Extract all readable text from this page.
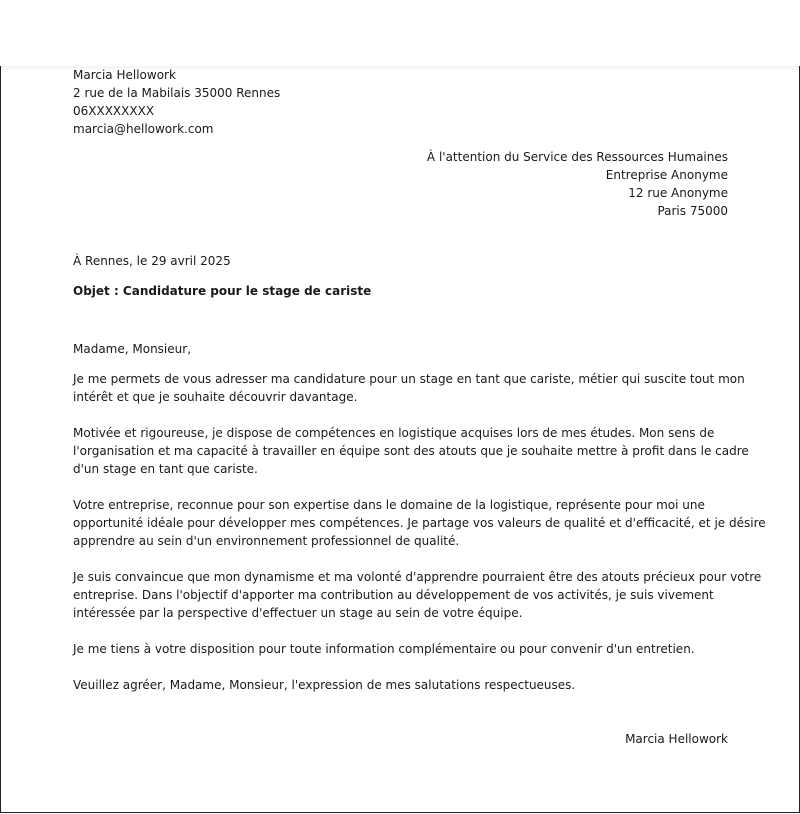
Marcia Hellowork
2 rue de la Mabilais 35000 Rennes
06XXXXXXXX
marcia@hellowork.com
À l'attention du Service des Ressources Humaines
Entreprise Anonyme
12 rue Anonyme
Paris 75000
À Rennes, le 29 avril 2025
Objet : Candidature pour le stage de cariste
Madame, Monsieur,
Je me permets de vous adresser ma candidature pour un stage en tant que cariste, métier qui suscite tout mon
intérêt et que je souhaite découvrir davantage.
Motivée et rigoureuse, je dispose de compétences en logistique acquises lors de mes études. Mon sens de
l'organisation et ma capacité à travailler en équipe sont des atouts que je souhaite mettre à profit dans le cadre
d'un stage en tant que cariste.
Votre entreprise, reconnue pour son expertise dans le domaine de la logistique, représente pour moi une
opportunité idéale pour développer mes compétences. Je partage vos valeurs de qualité et d'efficacité, et je désire
apprendre au sein d'un environnement professionnel de qualité.
Je suis convaincue que mon dynamisme et ma volonté d'apprendre pourraient être des atouts précieux pour votre
entreprise. Dans l'objectif d'apporter ma contribution au développement de vos activités, je suis vivement
intéressée par la perspective d'effectuer un stage au sein de votre équipe.
Je me tiens à votre disposition pour toute information complémentaire ou pour convenir d'un entretien.
Veuillez agréer, Madame, Monsieur, l'expression de mes salutations respectueuses.
Marcia Hellowork
